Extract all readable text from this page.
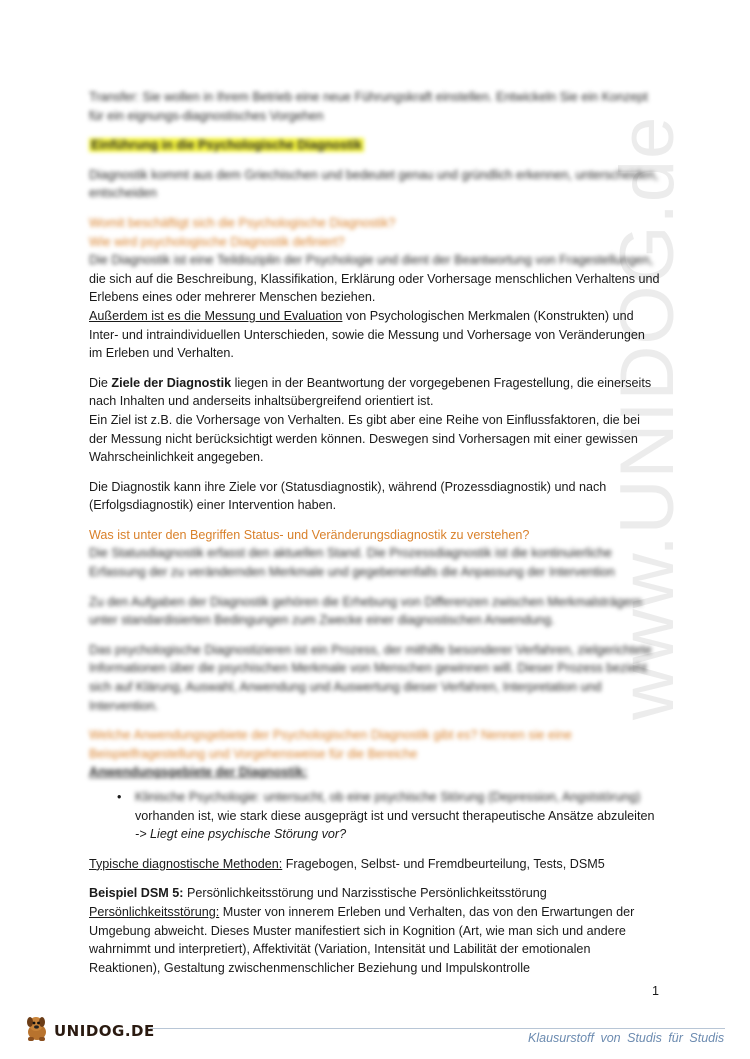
www.UNIDOG.de

Transfer: Sie wollen in Ihrem Betrieb eine neue Führungskraft einstellen. Entwickeln Sie ein Konzept für ein eignungs-diagnostisches Vorgehen

Einführung in die Psychologische Diagnostik

Diagnostik kommt aus dem Griechischen und bedeutet genau und gründlich erkennen, unterscheiden, entscheiden

Womit beschäftigt sich die Psychologische Diagnostik?

Wie wird psychologische Diagnostik definiert?

Die Diagnostik ist eine Teildisziplin der Psychologie und dient der Beantwortung von Fragestellungen,

die sich auf die Beschreibung, Klassifikation, Erklärung oder Vorhersage menschlichen Verhaltens und Erlebens eines oder mehrerer Menschen beziehen.
Außerdem ist es die Messung und Evaluation von Psychologischen Merkmalen (Konstrukten) und Inter- und intraindividuellen Unterschieden, sowie die Messung und Vorhersage von Veränderungen im Erleben und Verhalten.

Die Ziele der Diagnostik liegen in der Beantwortung der vorgegebenen Fragestellung, die einerseits nach Inhalten und anderseits inhaltsübergreifend orientiert ist.
Ein Ziel ist z.B. die Vorhersage von Verhalten. Es gibt aber eine Reihe von Einflussfaktoren, die bei der Messung nicht berücksichtigt werden können. Deswegen sind Vorhersagen mit einer gewissen Wahrscheinlichkeit angegeben.

Die Diagnostik kann ihre Ziele vor (Statusdiagnostik), während (Prozessdiagnostik) und nach (Erfolgsdiagnostik) einer Intervention haben.

Was ist unter den Begriffen Status- und Veränderungsdiagnostik zu verstehen?

Die Statusdiagnostik erfasst den aktuellen Stand. Die Prozessdiagnostik ist die kontinuierliche Erfassung der zu verändernden Merkmale und gegebenenfalls die Anpassung der Intervention

Zu den Aufgaben der Diagnostik gehören die Erhebung von Differenzen zwischen Merkmalsträgern unter standardisierten Bedingungen zum Zwecke einer diagnostischen Anwendung.

Das psychologische Diagnostizieren ist ein Prozess, der mithilfe besonderer Verfahren, zielgerichtete Informationen über die psychischen Merkmale von Menschen gewinnen will. Dieser Prozess bezieht sich auf Klärung, Auswahl, Anwendung und Auswertung dieser Verfahren, Interpretation und Intervention.

Welche Anwendungsgebiete der Psychologischen Diagnostik gibt es? Nennen sie eine Beispielfragestellung und Vorgehensweise für die Bereiche

Anwendungsgebiete der Diagnostik:

• Klinische Psychologie: untersucht, ob eine psychische Störung (Depression, Angststörung)
vorhanden ist, wie stark diese ausgeprägt ist und versucht therapeutische Ansätze abzuleiten
-> Liegt eine psychische Störung vor?

Typische diagnostische Methoden: Fragebogen, Selbst- und Fremdbeurteilung, Tests, DSM5

Beispiel DSM 5: Persönlichkeitsstörung und Narzisstische Persönlichkeitsstörung

Persönlichkeitsstörung: Muster von innerem Erleben und Verhalten, das von den Erwartungen der Umgebung abweicht. Dieses Muster manifestiert sich in Kognition (Art, wie man sich und andere wahrnimmt und interpretiert), Affektivität (Variation, Intensität und Labilität der emotionalen Reaktionen), Gestaltung zwischenmenschlicher Beziehung und Impulskontrolle

1
UNIDOG.DE	Klausurstoff von Studis für Studis
